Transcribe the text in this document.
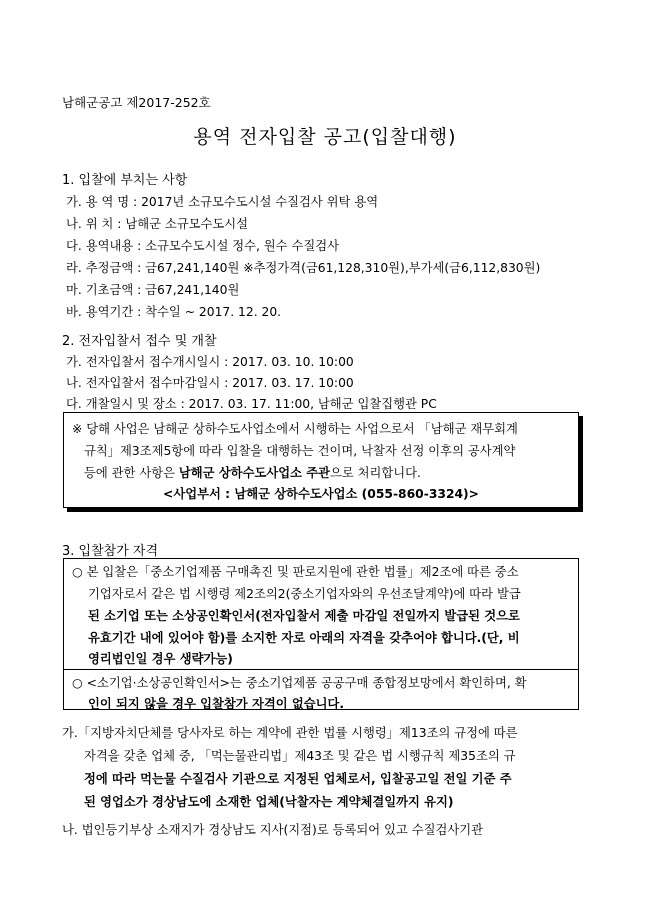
남해군공고 제2017-252호
용역 전자입찰 공고(입찰대행)
1. 입찰에 부치는 사항
가. 용 역 명 : 2017년 소규모수도시설 수질검사 위탁 용역
나. 위 치 : 남해군 소규모수도시설
다. 용역내용 : 소규모수도시설 정수, 원수 수질검사
라. 추정금액 : 금67,241,140원 ※추정가격(금61,128,310원),부가세(금6,112,830원)
마. 기초금액 : 금67,241,140원
바. 용역기간 : 착수일 ~ 2017. 12. 20.
2. 전자입찰서 접수 및 개찰
가. 전자입찰서 접수개시일시 : 2017. 03. 10. 10:00
나. 전자입찰서 접수마감일시 : 2017. 03. 17. 10:00
다. 개찰일시 및 장소 : 2017. 03. 17. 11:00, 남해군 입찰집행관 PC
※ 당해 사업은 남해군 상하수도사업소에서 시행하는 사업으로서 「남해군 재무회계
규칙」제3조제5항에 따라 입찰을 대행하는 건이며, 낙찰자 선정 이후의 공사계약
등에 관한 사항은 남해군 상하수도사업소 주관으로 처리합니다.
<사업부서 : 남해군 상하수도사업소 (055-860-3324)>
3. 입찰참가 자격
○ 본 입찰은「중소기업제품 구매촉진 및 판로지원에 관한 법률」제2조에 따른 중소
기업자로서 같은 법 시행령 제2조의2(중소기업자와의 우선조달계약)에 따라 발급
된 소기업 또는 소상공인확인서(전자입찰서 제출 마감일 전일까지 발급된 것으로
유효기간 내에 있어야 함)를 소지한 자로 아래의 자격을 갖추어야 합니다.(단, 비
영리법인일 경우 생략가능)
○ <소기업·소상공인확인서>는 중소기업제품 공공구매 종합정보망에서 확인하며, 확
인이 되지 않을 경우 입찰참가 자격이 없습니다.
가.「지방자치단체를 당사자로 하는 계약에 관한 법률 시행령」제13조의 규정에 따른
자격을 갖춘 업체 중, 「먹는물관리법」제43조 및 같은 법 시행규칙 제35조의 규
정에 따라 먹는물 수질검사 기관으로 지정된 업체로서, 입찰공고일 전일 기준 주
된 영업소가 경상남도에 소재한 업체(낙찰자는 계약체결일까지 유지)
나. 법인등기부상 소재지가 경상남도 지사(지점)로 등록되어 있고 수질검사기관
